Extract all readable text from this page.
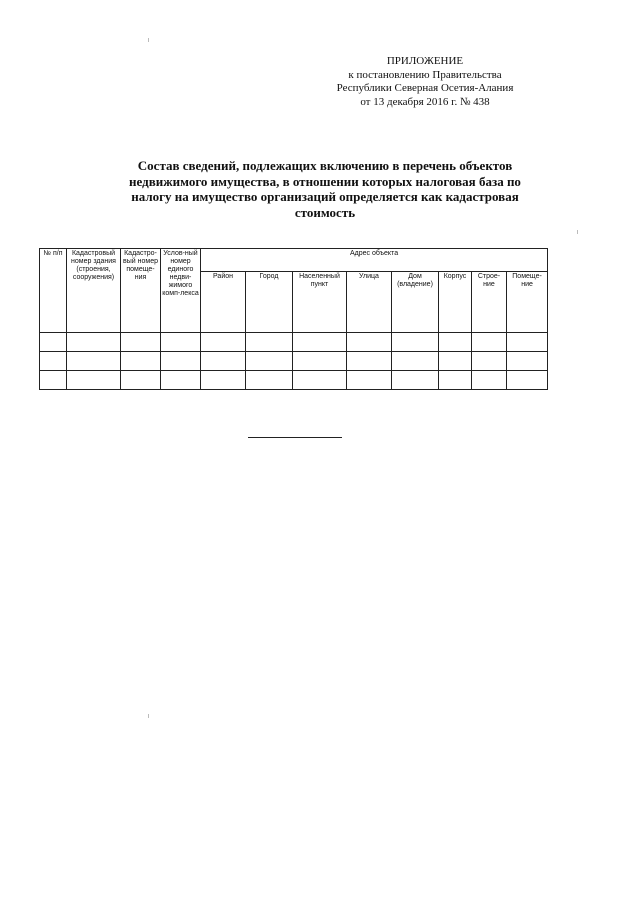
ПРИЛОЖЕНИЕ
к постановлению Правительства
Республики Северная Осетия-Алания
от 13 декабря 2016 г. № 438
Состав сведений, подлежащих включению в перечень объектов
недвижимого имущества, в отношении которых налоговая база по
налогу на имущество организаций определяется как кадастровая
стоимость
№ п/п	Кадастровый номер здания (строения, сооружения)	Кадастро-вый номер помеще-ния	Услов-ный номер единого недви-жимого комп-лекса	Адрес объекта							
				Район	Город	Населенный пункт	Улица	Дом (владение)	Корпус	Строе-ние	Помеще-ние
